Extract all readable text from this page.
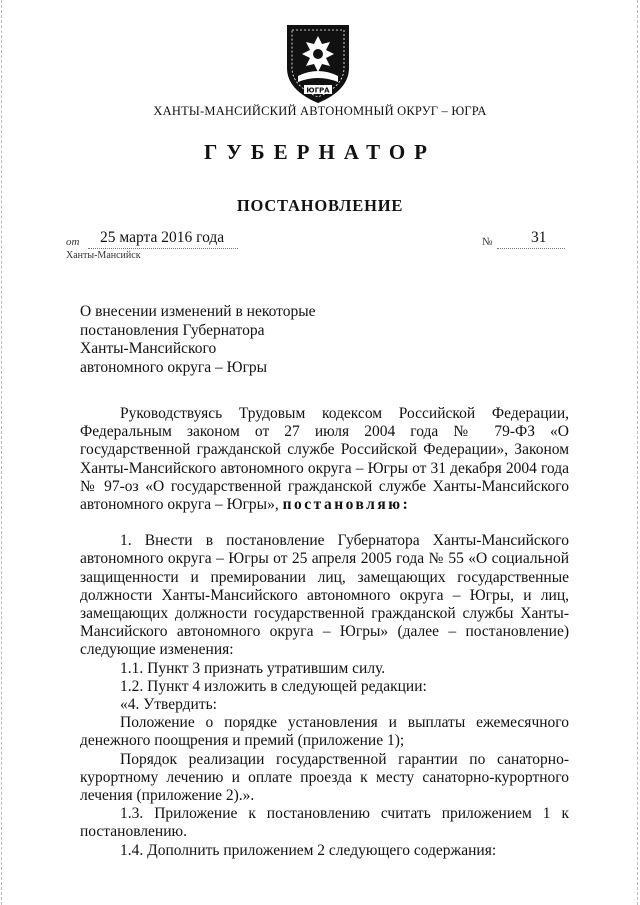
ЮГРА
ХАНТЫ-МАНСИЙСКИЙ АВТОНОМНЫЙ ОКРУГ – ЮГРА
ГУБЕРНАТОР
ПОСТАНОВЛЕНИЕ
от 25 марта 2016 года	№ 31
Ханты-Мансийск
О внесении изменений в некоторые
постановления Губернатора
Ханты-Мансийского
автономного округа – Югры

Руководствуясь Трудовым кодексом Российской Федерации, Федеральным законом от 27 июля 2004 года № 79-ФЗ «О государственной гражданской службе Российской Федерации», Законом Ханты-Мансийского автономного округа – Югры от 31 декабря 2004 года № 97-оз «О государственной гражданской службе Ханты-Мансийского автономного округа – Югры», постановляю:

1. Внести в постановление Губернатора Ханты-Мансийского автономного округа – Югры от 25 апреля 2005 года № 55 «О социальной защищенности и премировании лиц, замещающих государственные должности Ханты-Мансийского автономного округа – Югры, и лиц, замещающих должности государственной гражданской службы Ханты-Мансийского автономного округа – Югры» (далее – постановление) следующие изменения:

1.1. Пункт 3 признать утратившим силу.

1.2. Пункт 4 изложить в следующей редакции:

«4. Утвердить:

Положение о порядке установления и выплаты ежемесячного денежного поощрения и премий (приложение 1);

Порядок реализации государственной гарантии по санаторно-курортному лечению и оплате проезда к месту санаторно-курортного лечения (приложение 2).».

1.3. Приложение к постановлению считать приложением 1 к постановлению.

1.4. Дополнить приложением 2 следующего содержания:
